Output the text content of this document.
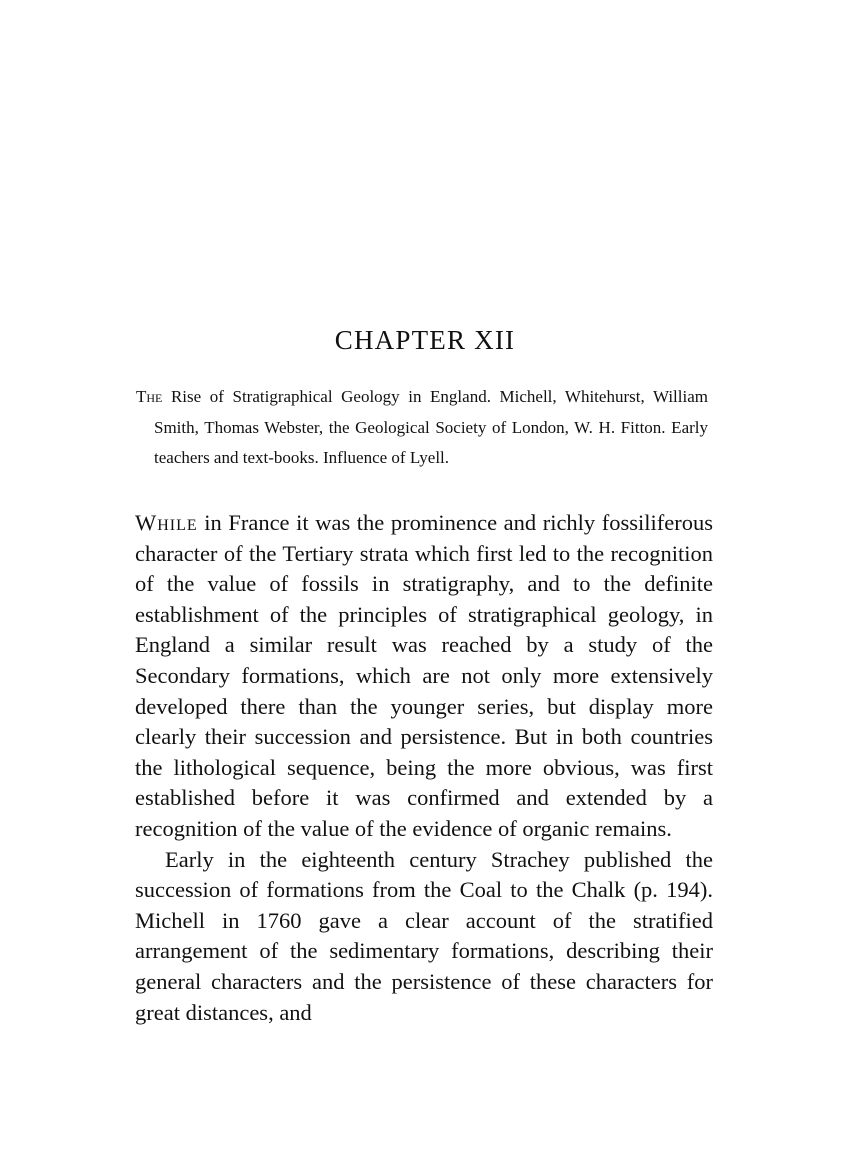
CHAPTER XII
The Rise of Stratigraphical Geology in England. Michell, Whitehurst, William Smith, Thomas Webster, the Geological Society of London, W. H. Fitton. Early teachers and text-books. Influence of Lyell.

While in France it was the prominence and richly fossiliferous character of the Tertiary strata which first led to the recognition of the value of fossils in stratigraphy, and to the definite establishment of the principles of stratigraphical geology, in England a similar result was reached by a study of the Secondary formations, which are not only more extensively developed there than the younger series, but display more clearly their succession and persistence. But in both countries the lithological sequence, being the more obvious, was first established before it was confirmed and extended by a recognition of the value of the evidence of organic remains.

Early in the eighteenth century Strachey published the succession of formations from the Coal to the Chalk (p. 194). Michell in 1760 gave a clear account of the stratified arrangement of the sedimentary formations, describing their general characters and the persistence of these characters for great distances, and
